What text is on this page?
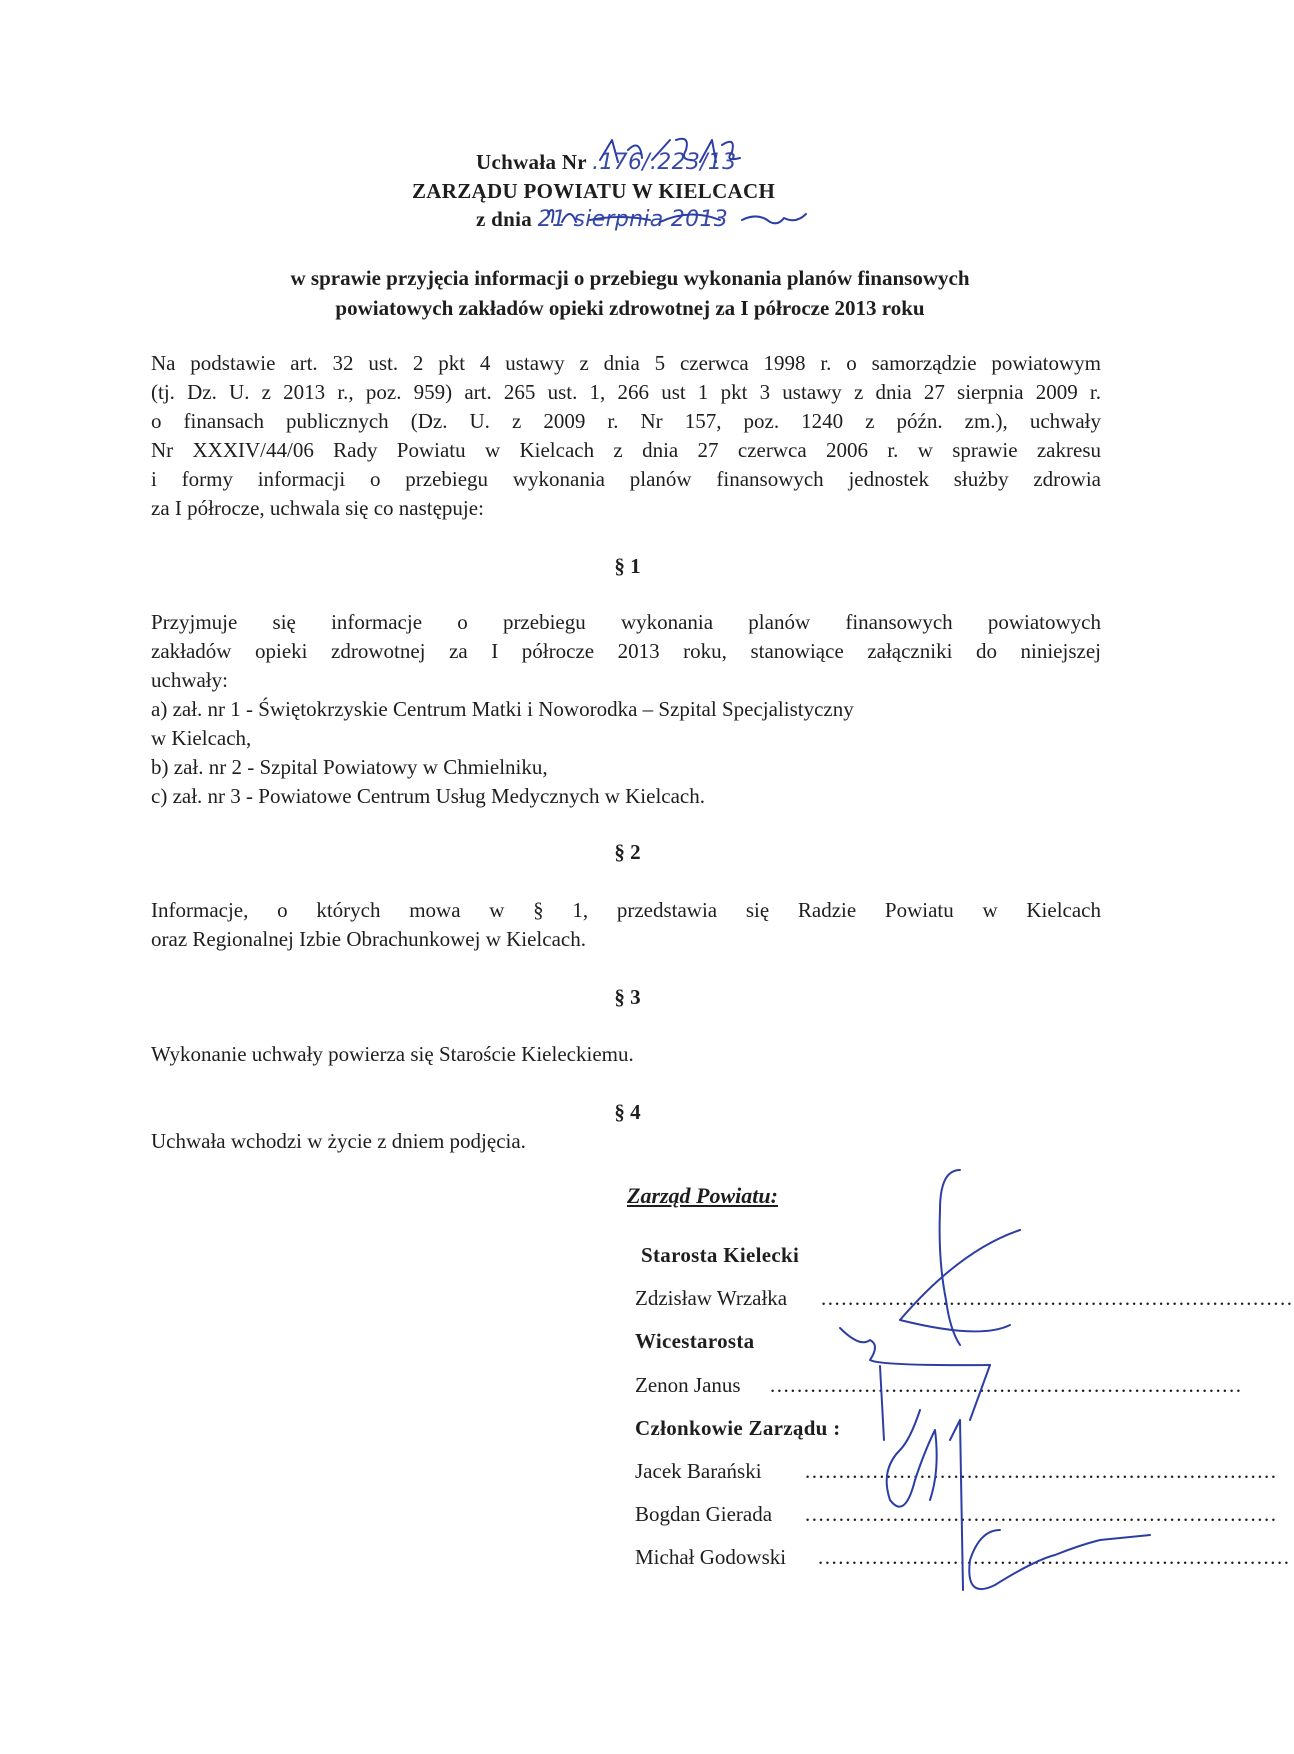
Uchwała Nr .176/.223/13
ZARZĄDU POWIATU W KIELCACH
z dnia 21 sierpnia 2013
w sprawie przyjęcia informacji o przebiegu wykonania planów finansowych
powiatowych zakładów opieki zdrowotnej za I półrocze 2013 roku
Na podstawie art. 32 ust. 2 pkt 4 ustawy z dnia 5 czerwca 1998 r. o samorządzie powiatowym
(tj. Dz. U. z 2013 r., poz. 959) art. 265 ust. 1, 266 ust 1 pkt 3 ustawy z dnia 27 sierpnia 2009 r.
o finansach publicznych (Dz. U. z 2009 r. Nr 157, poz. 1240 z późn. zm.), uchwały
Nr XXXIV/44/06 Rady Powiatu w Kielcach z dnia 27 czerwca 2006 r. w sprawie zakresu
i formy informacji o przebiegu wykonania planów finansowych jednostek służby zdrowia
za I półrocze, uchwala się co następuje:
§ 1
Przyjmuje się informacje o przebiegu wykonania planów finansowych powiatowych
zakładów opieki zdrowotnej za I półrocze 2013 roku, stanowiące załączniki do niniejszej
uchwały:
a) zał. nr 1 - Świętokrzyskie Centrum Matki i Noworodka – Szpital Specjalistyczny
w Kielcach,
b) zał. nr 2 - Szpital Powiatowy w Chmielniku,
c) zał. nr 3 - Powiatowe Centrum Usług Medycznych w Kielcach.
§ 2
Informacje, o których mowa w § 1, przedstawia się Radzie Powiatu w Kielcach
oraz Regionalnej Izbie Obrachunkowej w Kielcach.
§ 3
Wykonanie uchwały powierza się Staroście Kieleckiemu.
§ 4
Uchwała wchodzi w życie z dniem podjęcia.
Zarząd Powiatu:
Starosta Kielecki
Zdzisław Wrzałka ......................................................................
Wicestarosta
Zenon Janus ......................................................................
Członkowie Zarządu :
Jacek Barański ......................................................................
Bogdan Gierada ......................................................................
Michał Godowski ......................................................................
